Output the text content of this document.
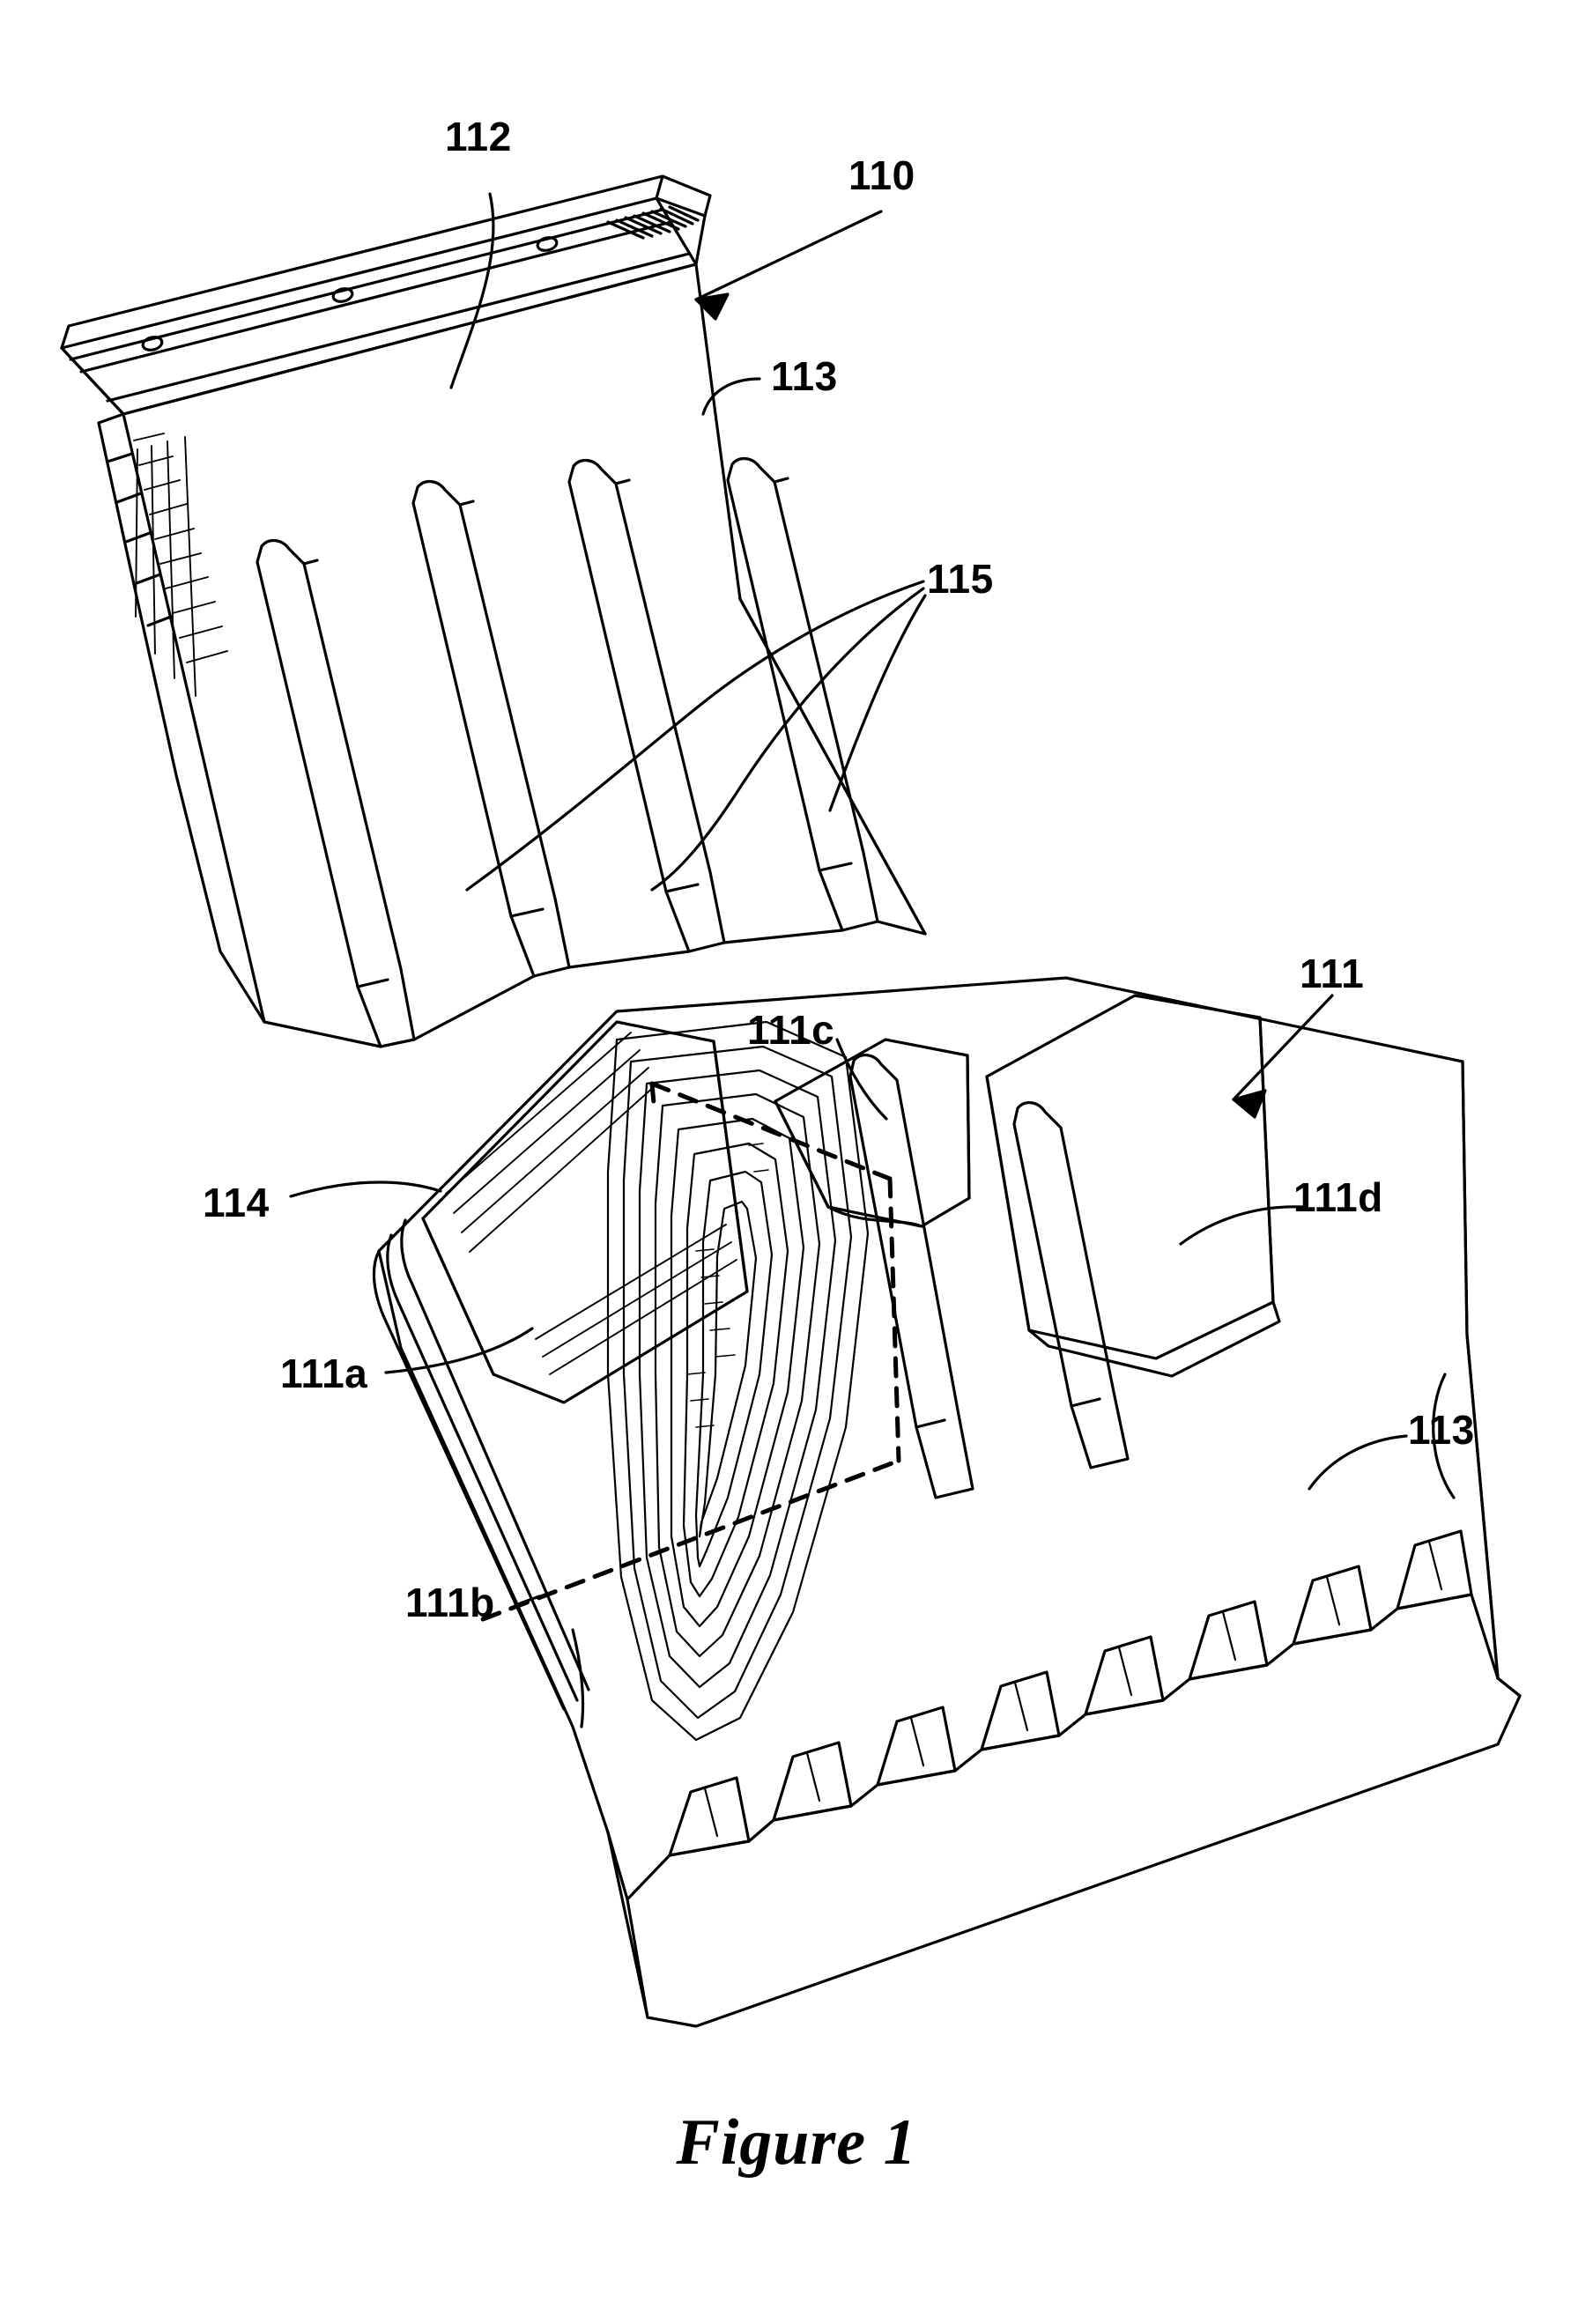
112
110
113
115
111
111c
111d
114
111a
113
111b
Figure 1
